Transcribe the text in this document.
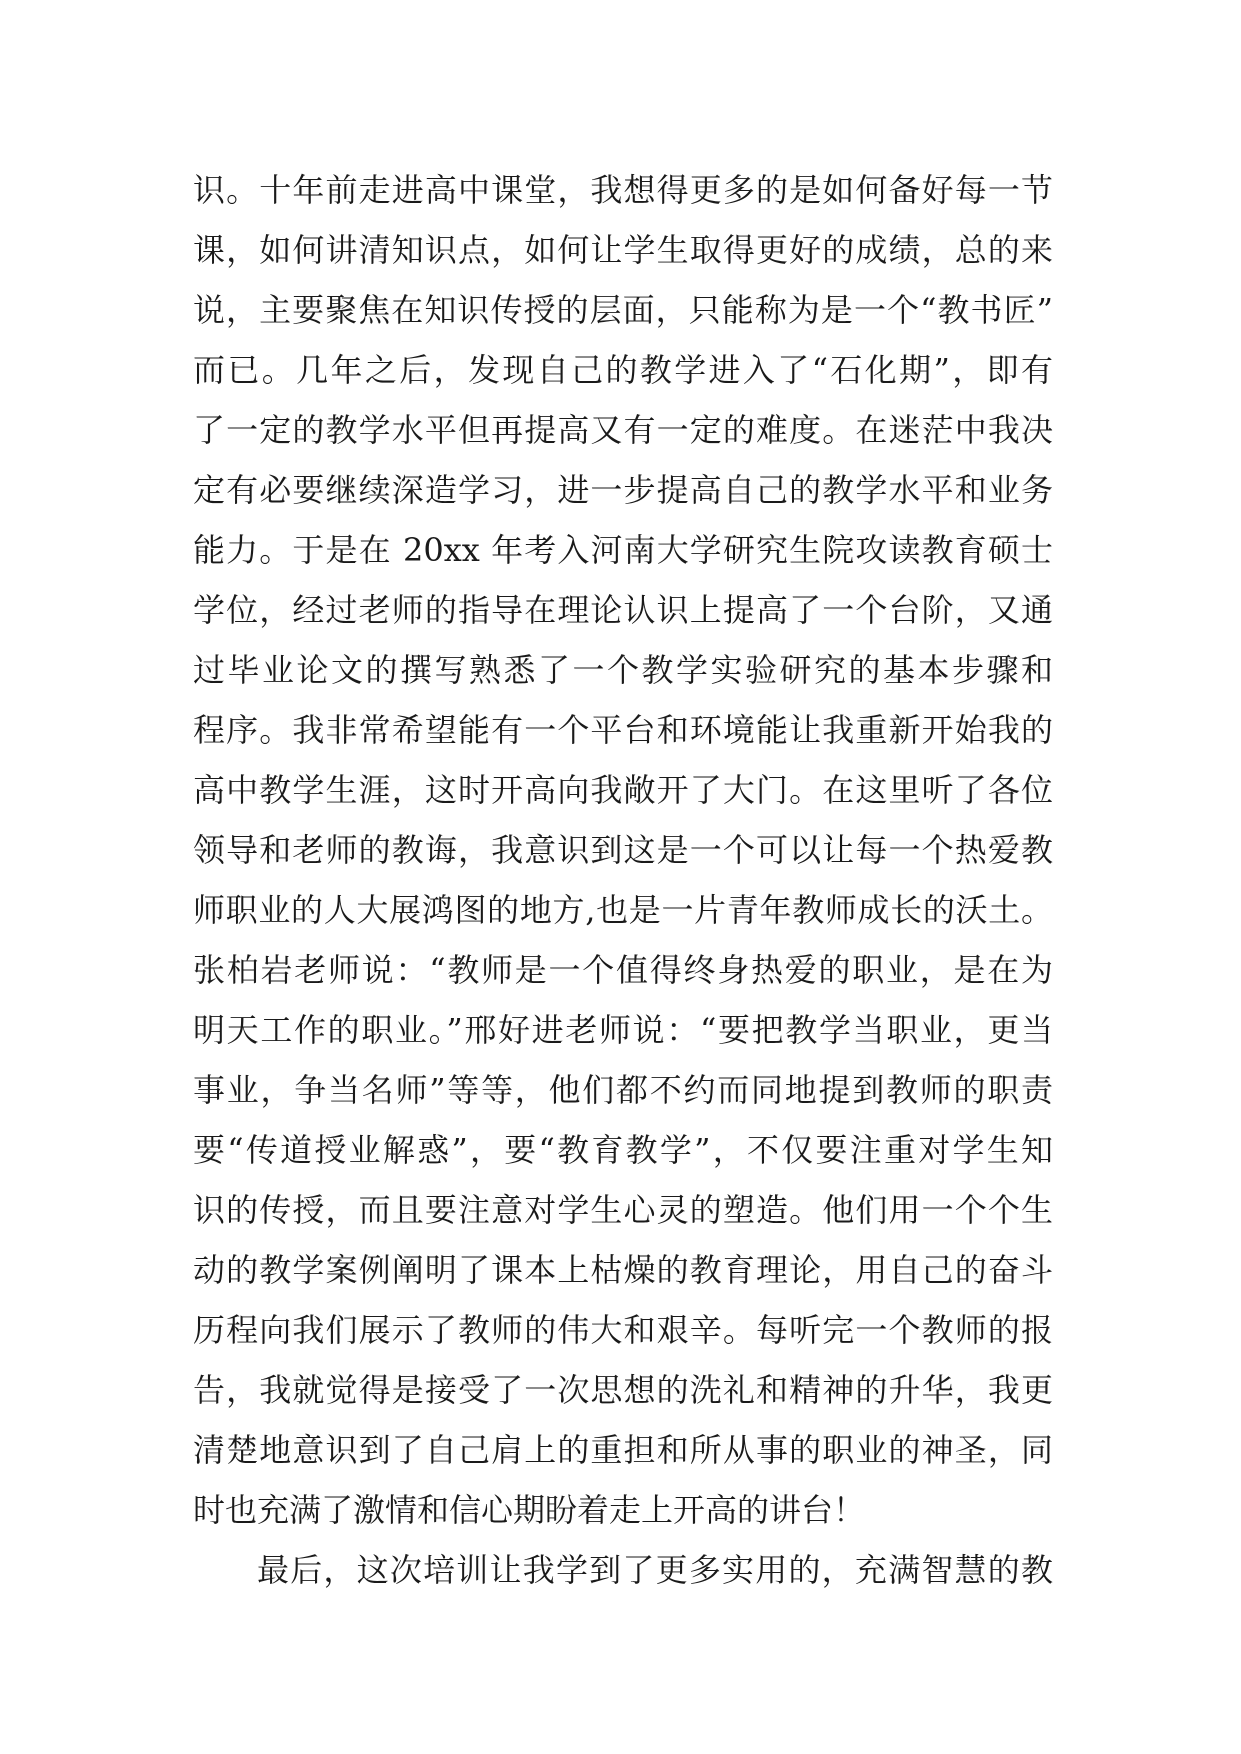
识。十年前走进高中课堂，我想得更多的是如何备好每一节
课，如何讲清知识点，如何让学生取得更好的成绩，总的来
说，主要聚焦在知识传授的层面，只能称为是一个“教书匠”
而已。几年之后，发现自己的教学进入了“石化期”，即有
了一定的教学水平但再提高又有一定的难度。在迷茫中我决
定有必要继续深造学习，进一步提高自己的教学水平和业务
能力。于是在 20xx 年考入河南大学研究生院攻读教育硕士
学位，经过老师的指导在理论认识上提高了一个台阶，又通
过毕业论文的撰写熟悉了一个教学实验研究的基本步骤和
程序。我非常希望能有一个平台和环境能让我重新开始我的
高中教学生涯，这时开高向我敞开了大门。在这里听了各位
领导和老师的教诲，我意识到这是一个可以让每一个热爱教
师职业的人大展鸿图的地方,也是一片青年教师成长的沃土。
张柏岩老师说：“教师是一个值得终身热爱的职业，是在为
明天工作的职业。”邢好进老师说：“要把教学当职业，更当
事业，争当名师”等等，他们都不约而同地提到教师的职责
要“传道授业解惑”，要“教育教学”，不仅要注重对学生知
识的传授，而且要注意对学生心灵的塑造。他们用一个个生
动的教学案例阐明了课本上枯燥的教育理论，用自己的奋斗
历程向我们展示了教师的伟大和艰辛。每听完一个教师的报
告，我就觉得是接受了一次思想的洗礼和精神的升华，我更
清楚地意识到了自己肩上的重担和所从事的职业的神圣，同
时也充满了激情和信心期盼着走上开高的讲台！
最后，这次培训让我学到了更多实用的，充满智慧的教
